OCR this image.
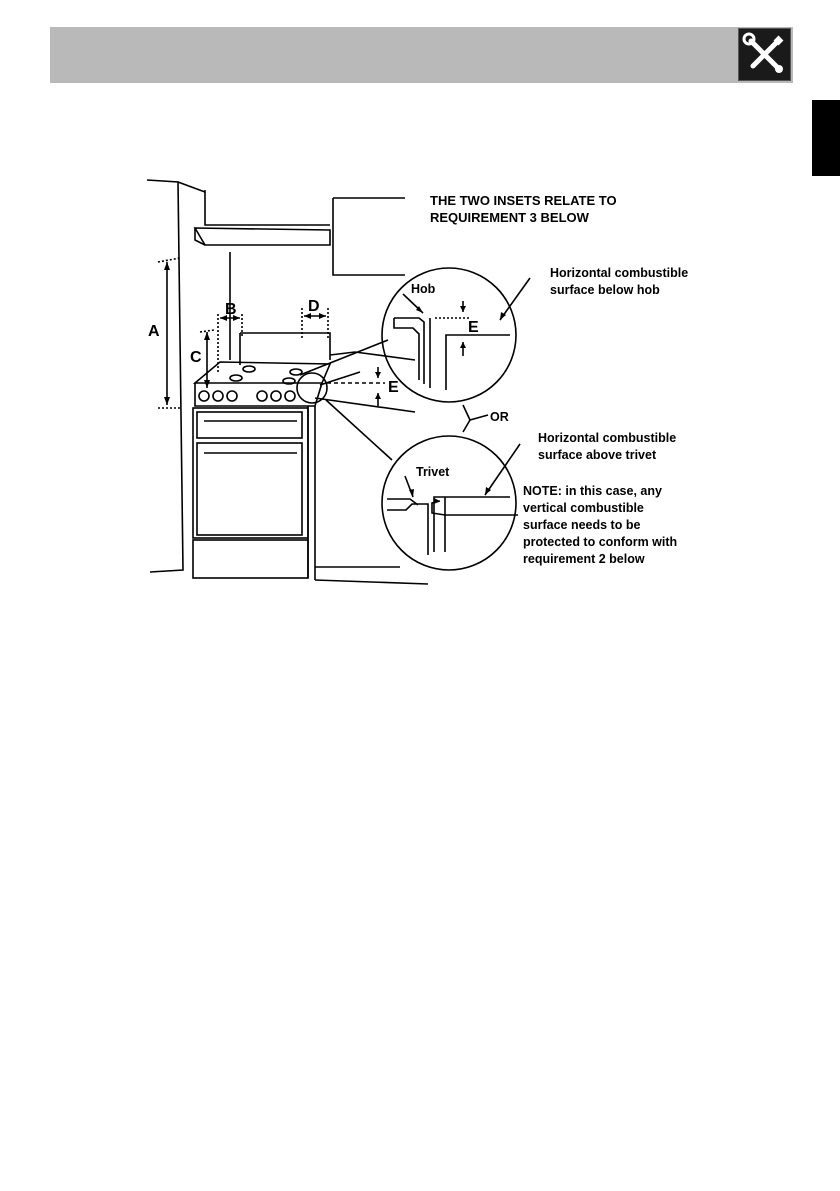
THE TWO INSETS RELATE TO
REQUIREMENT 3 BELOW
A
B
C
D
E
E
OR
Hob
Trivet
Horizontal combustible
surface below hob
Horizontal combustible
surface above trivet
NOTE: in this case, any
vertical combustible
surface needs to be
protected to conform with
requirement 2 below
